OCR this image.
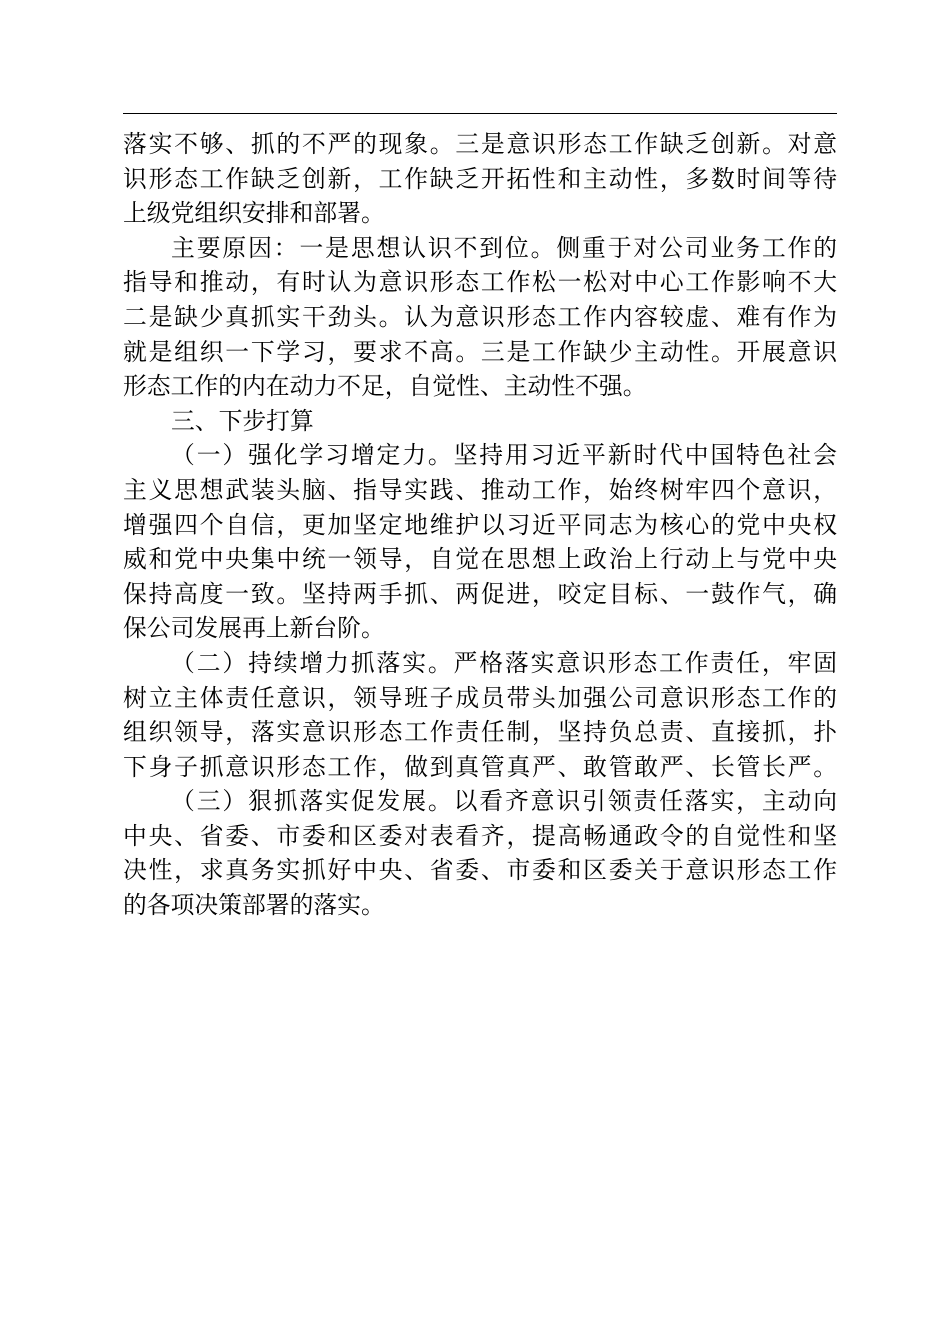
落实不够、抓的不严的现象。三是意识形态工作缺乏创新。对意
识形态工作缺乏创新，工作缺乏开拓性和主动性，多数时间等待
上级党组织安排和部署。
主要原因：一是思想认识不到位。侧重于对公司业务工作的
指导和推动，有时认为意识形态工作松一松对中心工作影响不大
二是缺少真抓实干劲头。认为意识形态工作内容较虚、难有作为
就是组织一下学习，要求不高。三是工作缺少主动性。开展意识
形态工作的内在动力不足，自觉性、主动性不强。
三、下步打算
（一）强化学习增定力。坚持用习近平新时代中国特色社会
主义思想武装头脑、指导实践、推动工作，始终树牢四个意识，
增强四个自信，更加坚定地维护以习近平同志为核心的党中央权
威和党中央集中统一领导，自觉在思想上政治上行动上与党中央
保持高度一致。坚持两手抓、两促进，咬定目标、一鼓作气，确
保公司发展再上新台阶。
（二）持续增力抓落实。严格落实意识形态工作责任，牢固
树立主体责任意识，领导班子成员带头加强公司意识形态工作的
组织领导，落实意识形态工作责任制，坚持负总责、直接抓，扑
下身子抓意识形态工作，做到真管真严、敢管敢严、长管长严。
（三）狠抓落实促发展。以看齐意识引领责任落实，主动向
中央、省委、市委和区委对表看齐，提高畅通政令的自觉性和坚
决性，求真务实抓好中央、省委、市委和区委关于意识形态工作
的各项决策部署的落实。
